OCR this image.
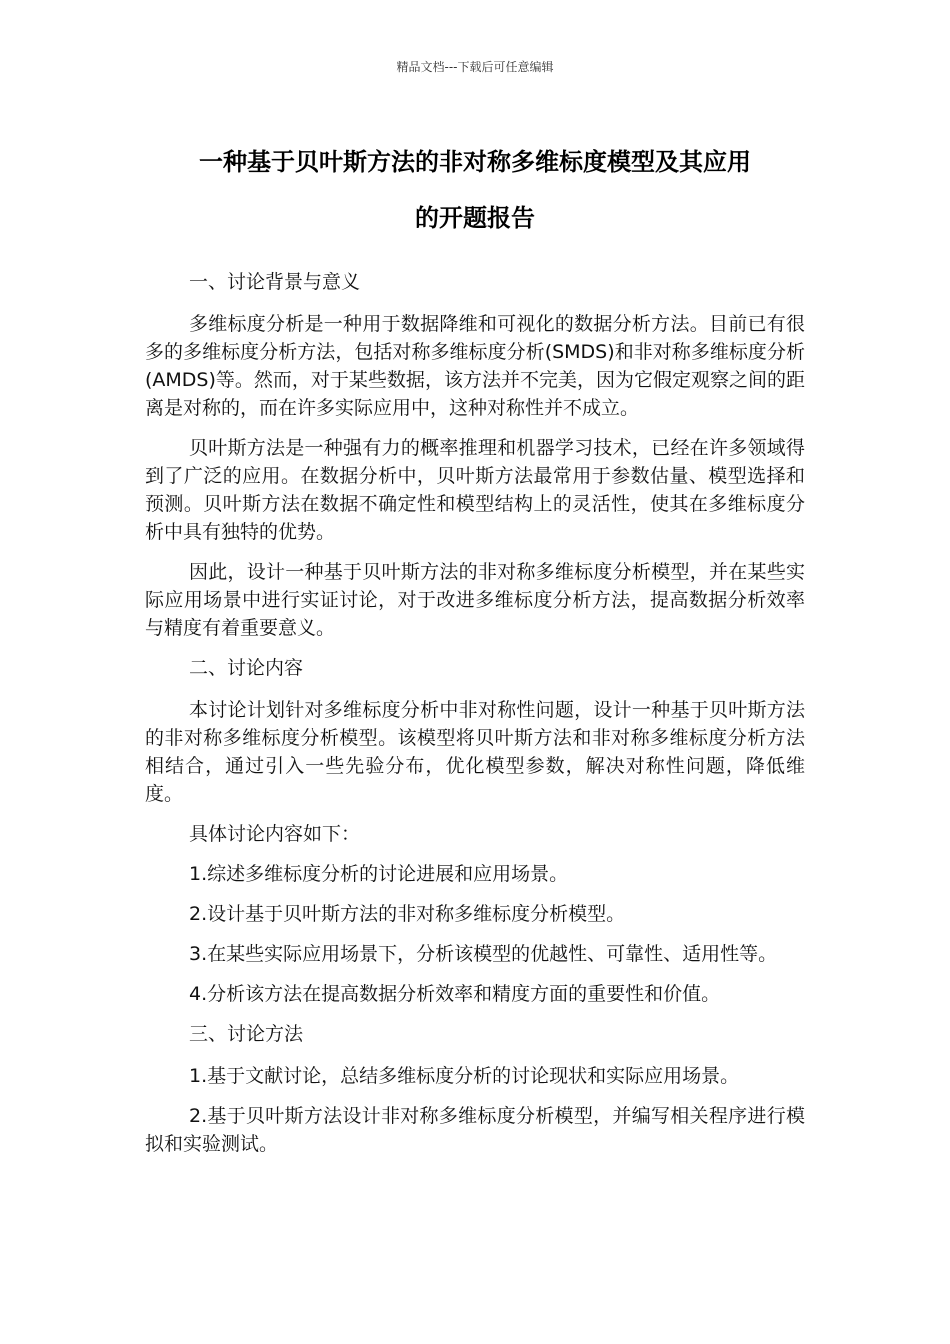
精品文档---下载后可任意编辑
一种基于贝叶斯方法的非对称多维标度模型及其应用
的开题报告

一、讨论背景与意义

多维标度分析是一种用于数据降维和可视化的数据分析方法。目前已有很多的多维标度分析方法，包括对称多维标度分析(SMDS)和非对称多维标度分析(AMDS)等。然而，对于某些数据，该方法并不完美，因为它假定观察之间的距离是对称的，而在许多实际应用中，这种对称性并不成立。

贝叶斯方法是一种强有力的概率推理和机器学习技术，已经在许多领域得到了广泛的应用。在数据分析中，贝叶斯方法最常用于参数估量、模型选择和预测。贝叶斯方法在数据不确定性和模型结构上的灵活性，使其在多维标度分析中具有独特的优势。

因此，设计一种基于贝叶斯方法的非对称多维标度分析模型，并在某些实际应用场景中进行实证讨论，对于改进多维标度分析方法，提高数据分析效率与精度有着重要意义。

二、讨论内容

本讨论计划针对多维标度分析中非对称性问题，设计一种基于贝叶斯方法的非对称多维标度分析模型。该模型将贝叶斯方法和非对称多维标度分析方法相结合，通过引入一些先验分布，优化模型参数，解决对称性问题，降低维度。

具体讨论内容如下：

1.综述多维标度分析的讨论进展和应用场景。

2.设计基于贝叶斯方法的非对称多维标度分析模型。

3.在某些实际应用场景下，分析该模型的优越性、可靠性、适用性等。

4.分析该方法在提高数据分析效率和精度方面的重要性和价值。

三、讨论方法

1.基于文献讨论，总结多维标度分析的讨论现状和实际应用场景。

2.基于贝叶斯方法设计非对称多维标度分析模型，并编写相关程序进行模拟和实验测试。
